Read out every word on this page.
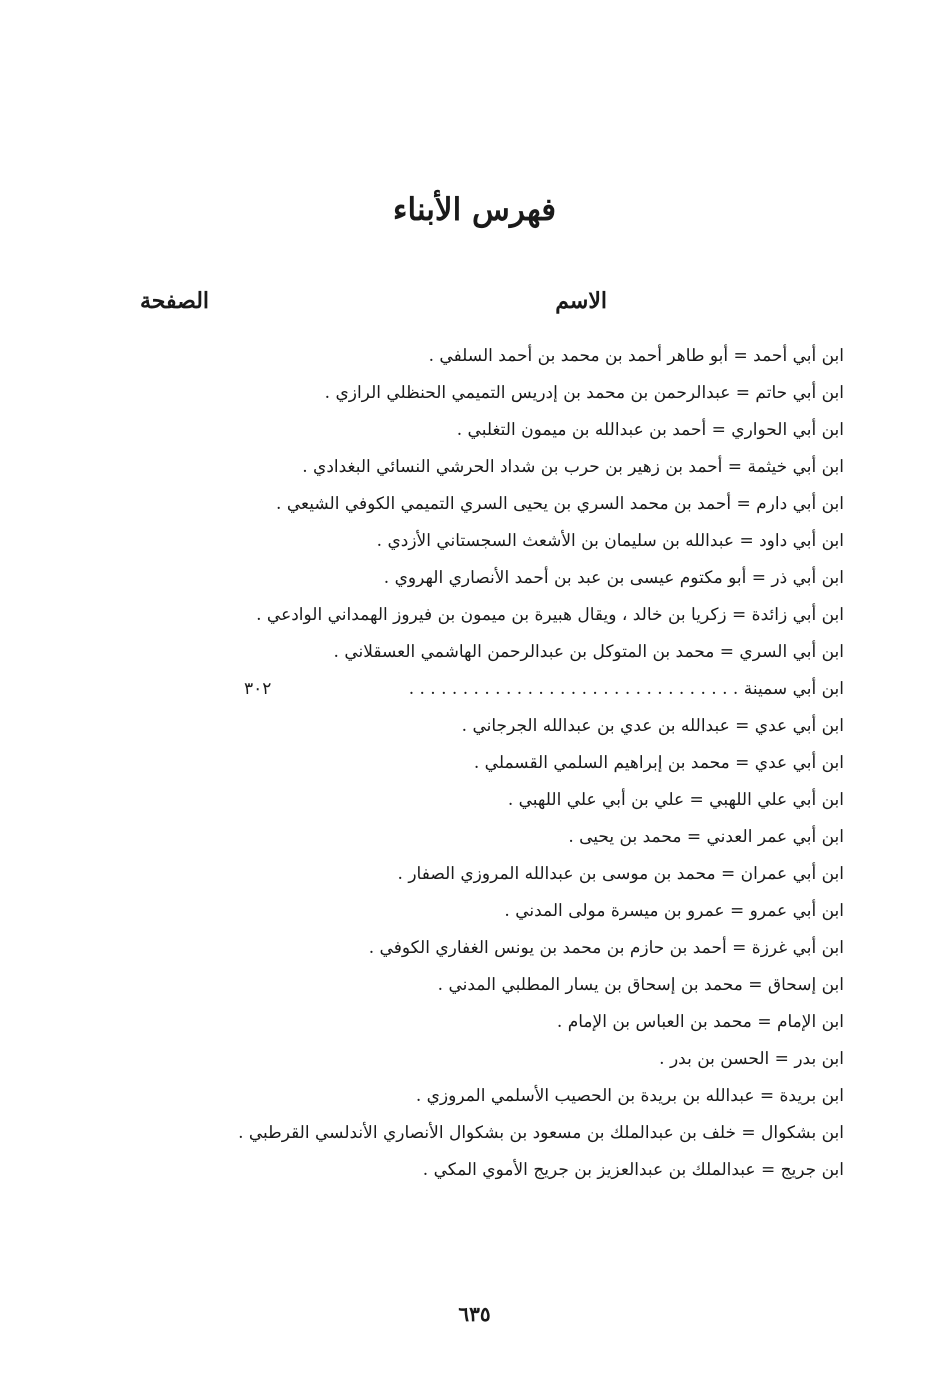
فهرس الأبناء
الاسم
الصفحة
ابن أبي أحمد = أبو طاهر أحمد بن محمد بن أحمد السلفي .
ابن أبي حاتم = عبدالرحمن بن محمد بن إدريس التميمي الحنظلي الرازي .
ابن أبي الحواري = أحمد بن عبدالله بن ميمون التغلبي .
ابن أبي خيثمة = أحمد بن زهير بن حرب بن شداد الحرشي النسائي البغدادي .
ابن أبي دارم = أحمد بن محمد السري بن يحيى السري التميمي الكوفي الشيعي .
ابن أبي داود = عبدالله بن سليمان بن الأشعث السجستاني الأزدي .
ابن أبي ذر = أبو مكتوم عيسى بن عبد بن أحمد الأنصاري الهروي .
ابن أبي زائدة = زكريا بن خالد ، ويقال هبيرة بن ميمون بن فيروز الهمداني الوادعي .
ابن أبي السري = محمد بن المتوكل بن عبدالرحمن الهاشمي العسقلاني .
ابن أبي سمينة . . . . . . . . . . . . . . . . . . . . . . . . . . . . . . .
٣٠٢
ابن أبي عدي = عبدالله بن عدي بن عبدالله الجرجاني .
ابن أبي عدي = محمد بن إبراهيم السلمي القسملي .
ابن أبي علي اللهبي = علي بن أبي علي اللهبي .
ابن أبي عمر العدني = محمد بن يحيى .
ابن أبي عمران = محمد بن موسى بن عبدالله المروزي الصفار .
ابن أبي عمرو = عمرو بن ميسرة مولى المدني .
ابن أبي غرزة = أحمد بن حازم بن محمد بن يونس الغفاري الكوفي .
ابن إسحاق = محمد بن إسحاق بن يسار المطلبي المدني .
ابن الإمام = محمد بن العباس بن الإمام .
ابن بدر = الحسن بن بدر .
ابن بريدة = عبدالله بن بريدة بن الحصيب الأسلمي المروزي .
ابن بشكوال = خلف بن عبدالملك بن مسعود بن بشكوال الأنصاري الأندلسي القرطبي .
ابن جريج = عبدالملك بن عبدالعزيز بن جريج الأموي المكي .
٦٣٥
